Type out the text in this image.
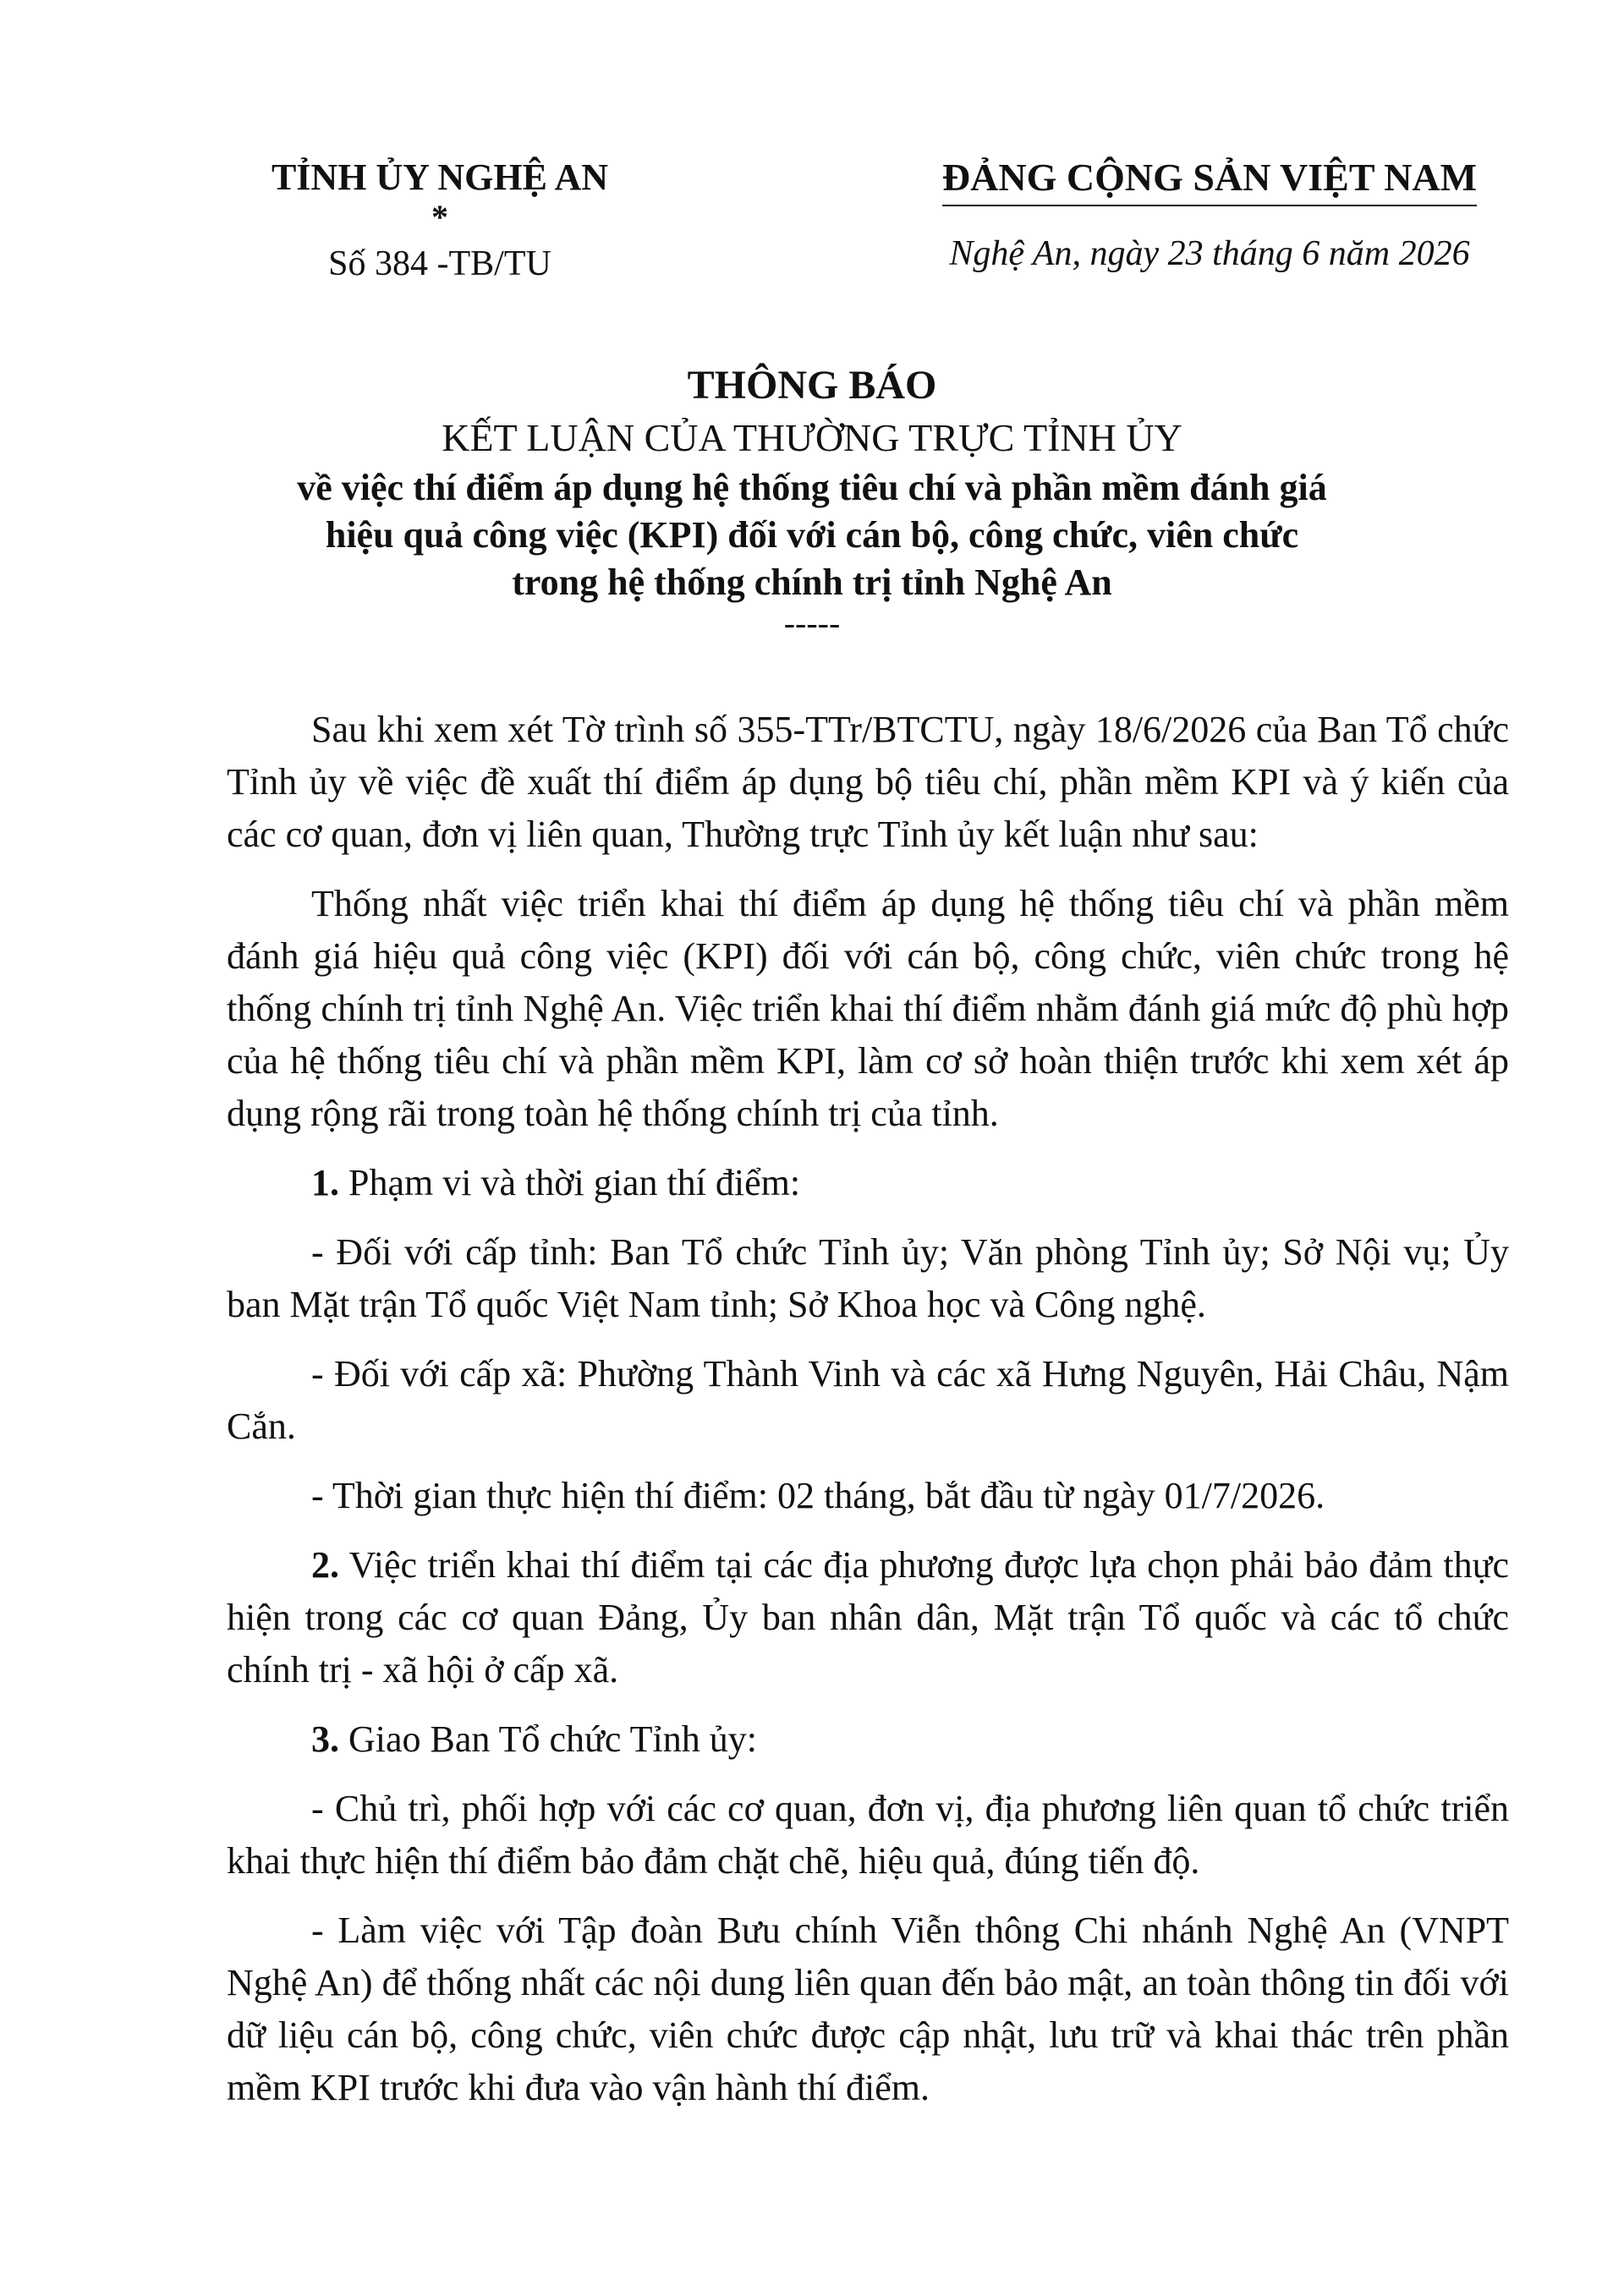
TỈNH ỦY NGHỆ AN
*
Số 384 -TB/TU
ĐẢNG CỘNG SẢN VIỆT NAM
Nghệ An, ngày 23 tháng 6 năm 2026
THÔNG BÁO
KẾT LUẬN CỦA THƯỜNG TRỰC TỈNH ỦY
về việc thí điểm áp dụng hệ thống tiêu chí và phần mềm đánh giá
hiệu quả công việc (KPI) đối với cán bộ, công chức, viên chức
trong hệ thống chính trị tỉnh Nghệ An
-----

Sau khi xem xét Tờ trình số 355-TTr/BTCTU, ngày 18/6/2026 của Ban Tổ chức Tỉnh ủy về việc đề xuất thí điểm áp dụng bộ tiêu chí, phần mềm KPI và ý kiến của các cơ quan, đơn vị liên quan, Thường trực Tỉnh ủy kết luận như sau:

Thống nhất việc triển khai thí điểm áp dụng hệ thống tiêu chí và phần mềm đánh giá hiệu quả công việc (KPI) đối với cán bộ, công chức, viên chức trong hệ thống chính trị tỉnh Nghệ An. Việc triển khai thí điểm nhằm đánh giá mức độ phù hợp của hệ thống tiêu chí và phần mềm KPI, làm cơ sở hoàn thiện trước khi xem xét áp dụng rộng rãi trong toàn hệ thống chính trị của tỉnh.

1. Phạm vi và thời gian thí điểm:

- Đối với cấp tỉnh: Ban Tổ chức Tỉnh ủy; Văn phòng Tỉnh ủy; Sở Nội vụ; Ủy ban Mặt trận Tổ quốc Việt Nam tỉnh; Sở Khoa học và Công nghệ.

- Đối với cấp xã: Phường Thành Vinh và các xã Hưng Nguyên, Hải Châu, Nậm Cắn.

- Thời gian thực hiện thí điểm: 02 tháng, bắt đầu từ ngày 01/7/2026.

2. Việc triển khai thí điểm tại các địa phương được lựa chọn phải bảo đảm thực hiện trong các cơ quan Đảng, Ủy ban nhân dân, Mặt trận Tổ quốc và các tổ chức chính trị - xã hội ở cấp xã.

3. Giao Ban Tổ chức Tỉnh ủy:

- Chủ trì, phối hợp với các cơ quan, đơn vị, địa phương liên quan tổ chức triển khai thực hiện thí điểm bảo đảm chặt chẽ, hiệu quả, đúng tiến độ.

- Làm việc với Tập đoàn Bưu chính Viễn thông Chi nhánh Nghệ An (VNPT Nghệ An) để thống nhất các nội dung liên quan đến bảo mật, an toàn thông tin đối với dữ liệu cán bộ, công chức, viên chức được cập nhật, lưu trữ và khai thác trên phần mềm KPI trước khi đưa vào vận hành thí điểm.
